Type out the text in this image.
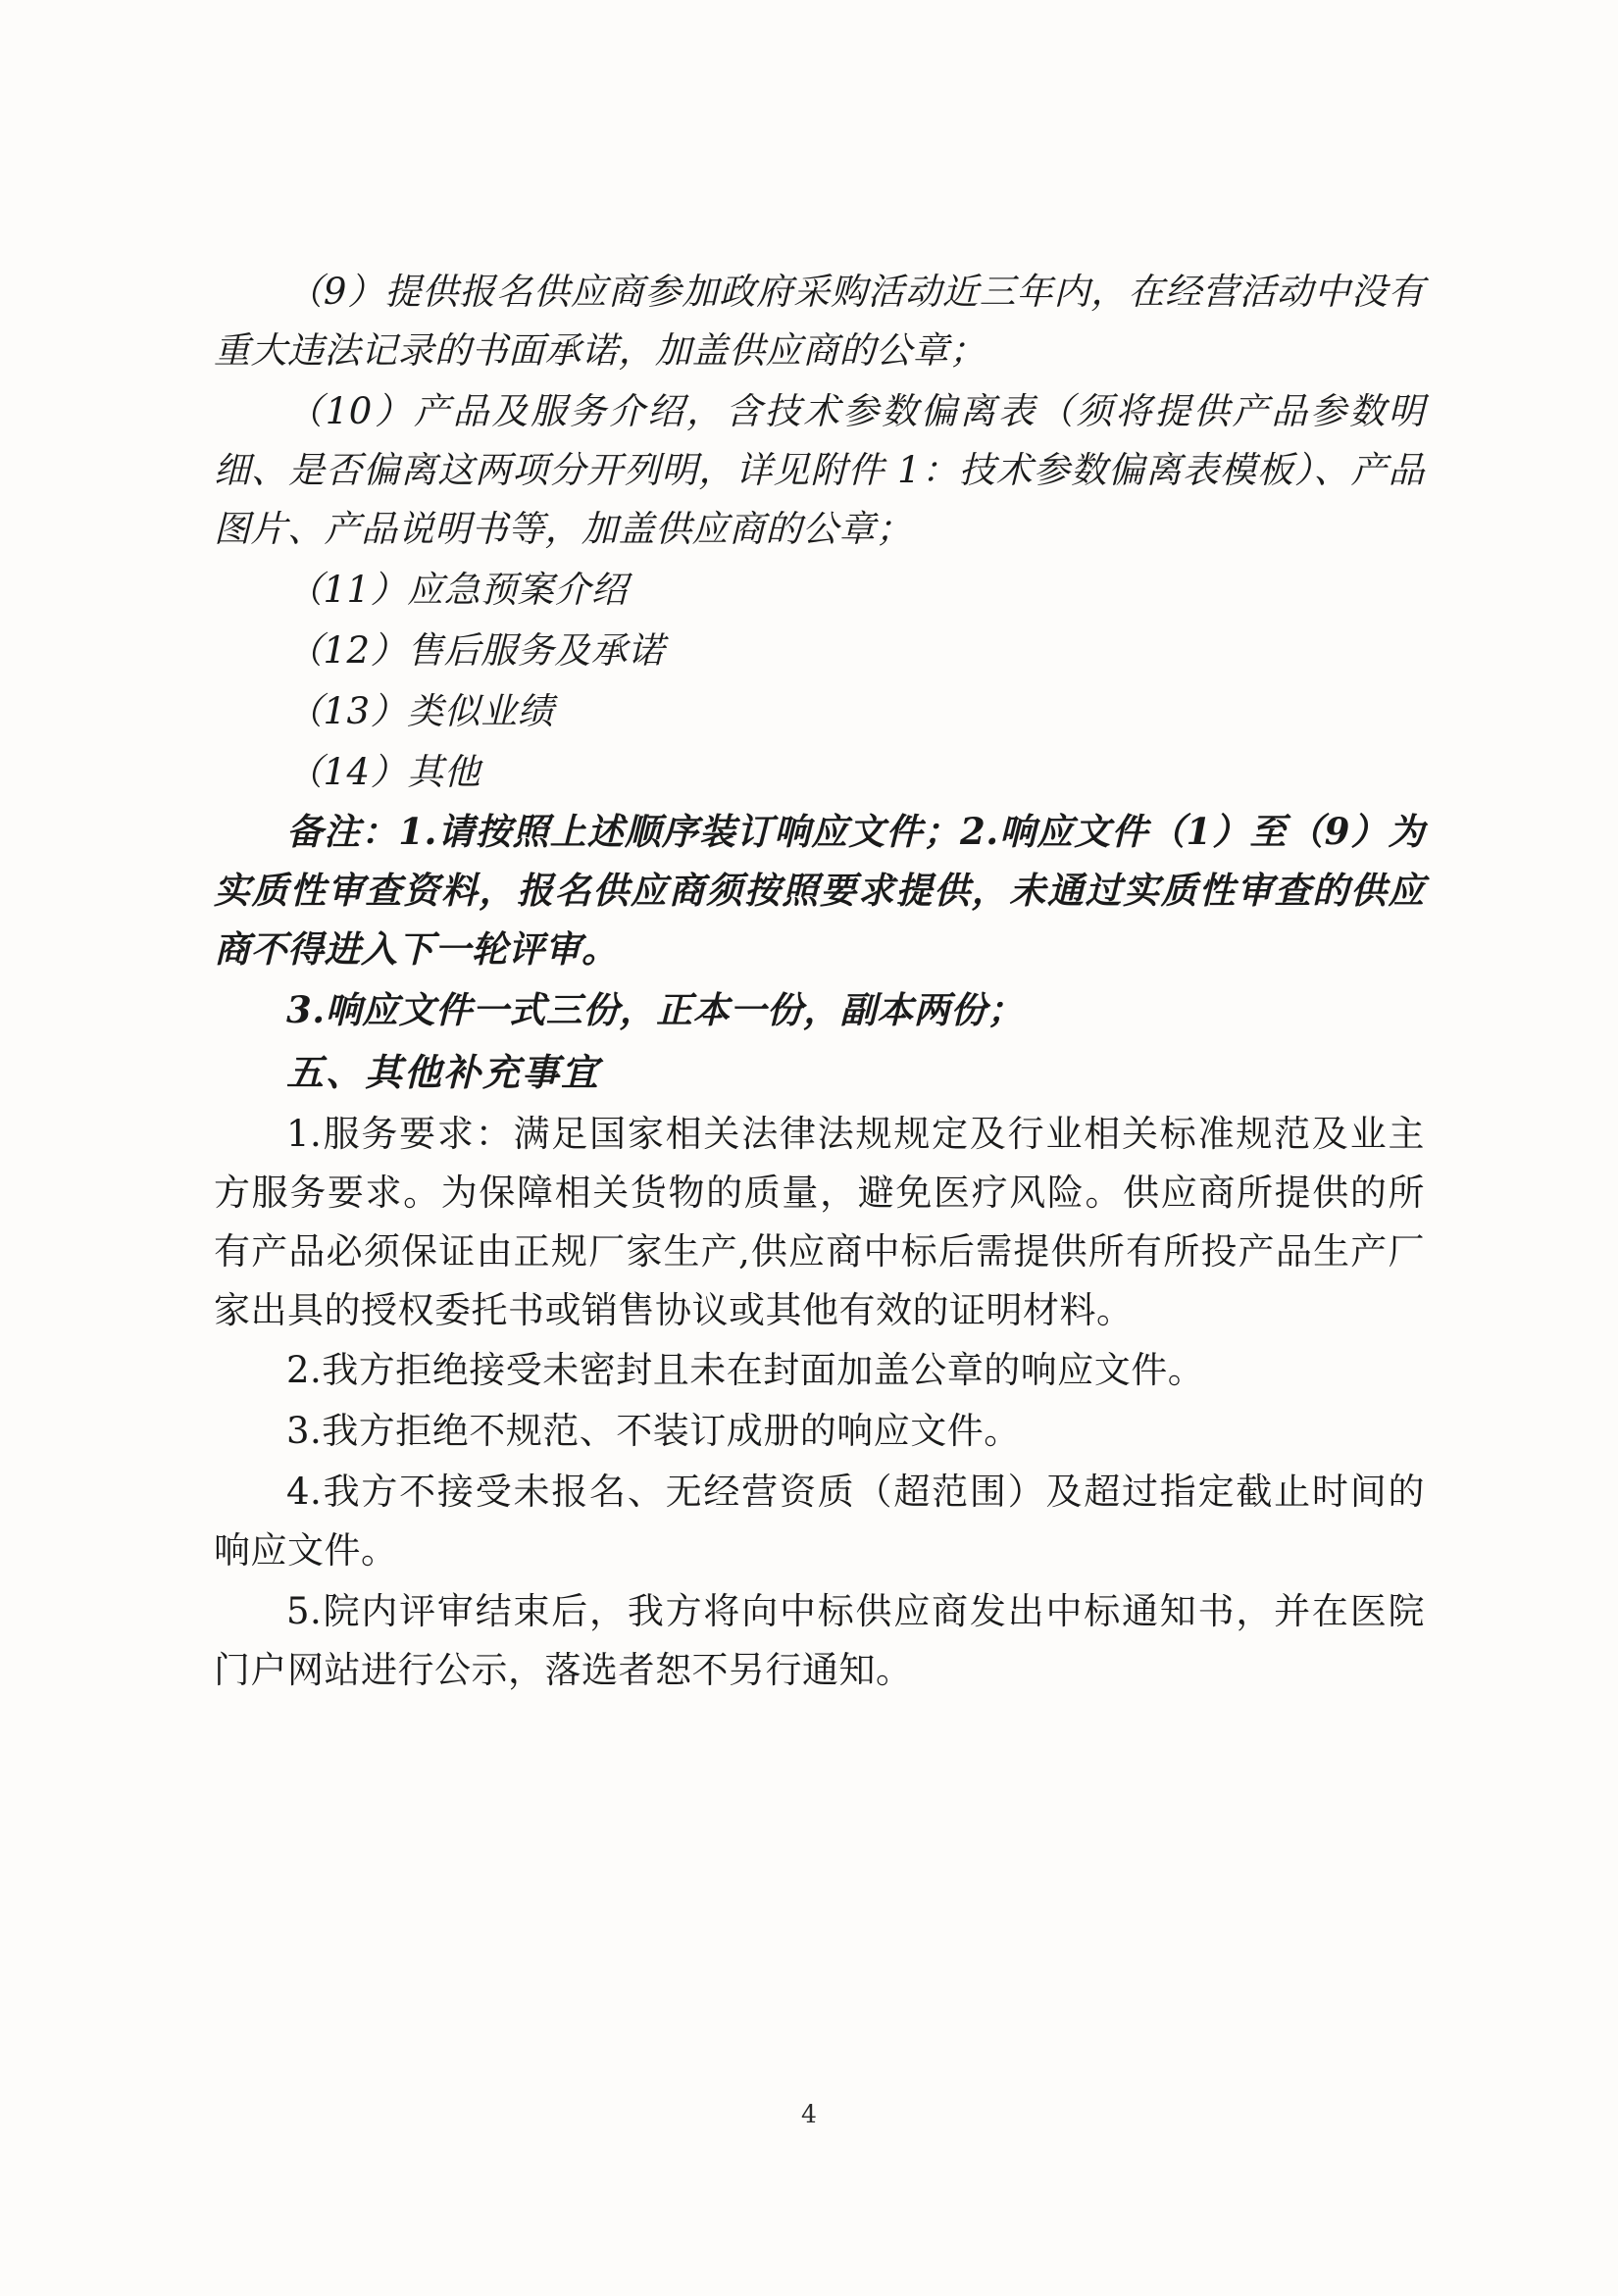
（9）提供报名供应商参加政府采购活动近三年内，在经营活动中没有重大违法记录的书面承诺，加盖供应商的公章；

（10）产品及服务介绍，含技术参数偏离表（须将提供产品参数明细、是否偏离这两项分开列明，详见附件 1：技术参数偏离表模板）、产品图片、产品说明书等，加盖供应商的公章；

（11）应急预案介绍

（12）售后服务及承诺

（13）类似业绩

（14）其他

备注：1.请按照上述顺序装订响应文件；2.响应文件（1）至（9）为实质性审查资料，报名供应商须按照要求提供，未通过实质性审查的供应商不得进入下一轮评审。

3.响应文件一式三份，正本一份，副本两份；

五、其他补充事宜

1.服务要求：满足国家相关法律法规规定及行业相关标准规范及业主方服务要求。为保障相关货物的质量，避免医疗风险。供应商所提供的所有产品必须保证由正规厂家生产,供应商中标后需提供所有所投产品生产厂家出具的授权委托书或销售协议或其他有效的证明材料。

2.我方拒绝接受未密封且未在封面加盖公章的响应文件。

3.我方拒绝不规范、不装订成册的响应文件。

4.我方不接受未报名、无经营资质（超范围）及超过指定截止时间的响应文件。

5.院内评审结束后，我方将向中标供应商发出中标通知书，并在医院门户网站进行公示，落选者恕不另行通知。

4
